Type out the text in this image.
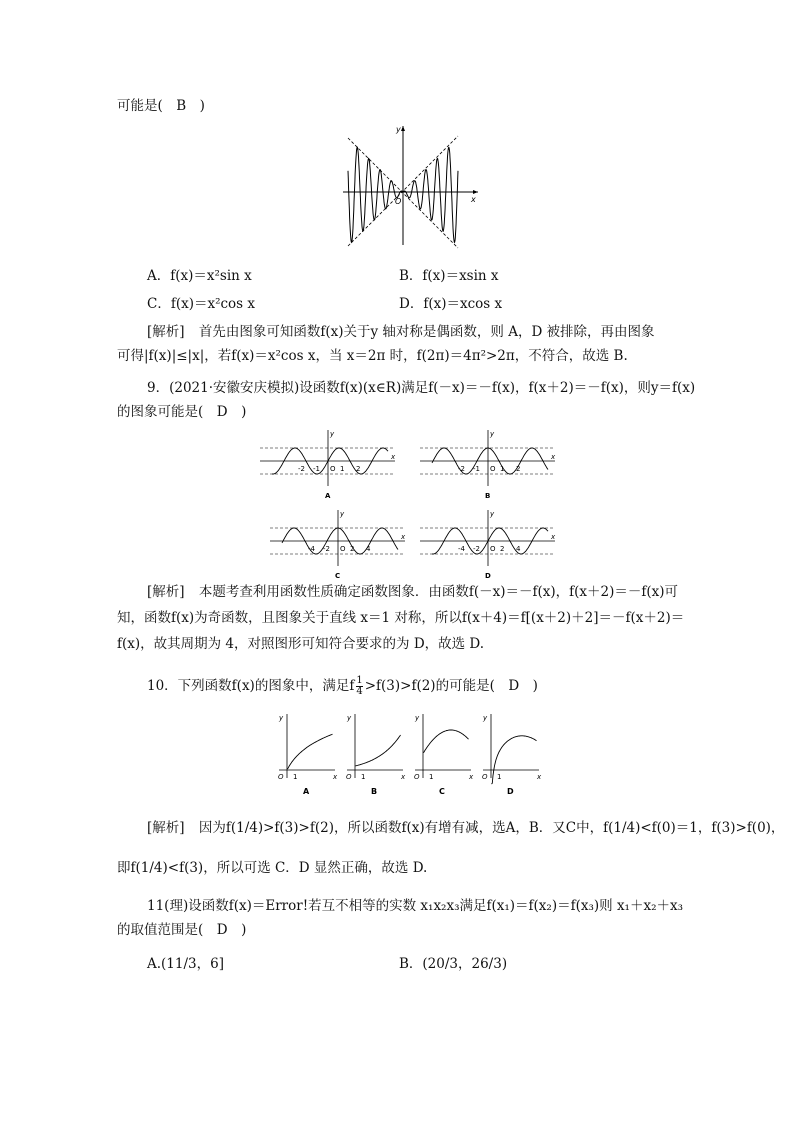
可能是(　B　)
x
y
O
A．f(x)＝x²sin x	B．f(x)＝xsin x
C．f(x)＝x²cos x	D．f(x)＝xcos x
[解析] 首先由图象可知函数f(x)关于y 轴对称是偶函数，则 A，D 被排除，再由图象
可得|f(x)|≤|x|，若f(x)＝x²cos x，当 x＝2π 时，f(2π)＝4π²>2π，不符合，故选 B.
9．(2021·安徽安庆模拟)设函数f(x)(x∈R)满足f(－x)＝－f(x)，f(x＋2)＝－f(x)，则y＝f(x)
的图象可能是(　D　)
-2 -1 O 1 2
y
x
A
-2 -1 O 1 2
y
x
B
-4 -2 O 2 4
y
x
C
-4 -2 O 2 4
y
x
D
[解析] 本题考查利用函数性质确定函数图象．由函数f(－x)＝－f(x)，f(x＋2)＝－f(x)可
知，函数f(x)为奇函数，且图象关于直线 x＝1 对称，所以f(x＋4)＝f[(x＋2)＋2]＝－f(x＋2)＝
f(x)，故其周期为 4，对照图形可知符合要求的为 D，故选 D.
10．下列函数f(x)的图象中，满足f $\frac{1}{4} >f(3)>f(2)$的可能是(　D　)
y
x
O 1
A
y
x
O 1
B
y
x
O 1
C
y
x
O 1
D
[解析] 因为f(1/4)>f(3)>f(2)，所以函数f(x)有增有减，选A，B．又C中，f(1/4)<f(0)＝1，f(3)>f(0)，
即f(1/4)<f(3)，所以可选 C．D 显然正确，故选 D.
11(理)设函数f(x)＝Error!若互不相等的实数 x₁x₂x₃满足f(x₁)＝f(x₂)＝f(x₃)则 x₁＋x₂＋x₃
的取值范围是(　D　)
A.(11/3，6]	B．(20/3，26/3)
